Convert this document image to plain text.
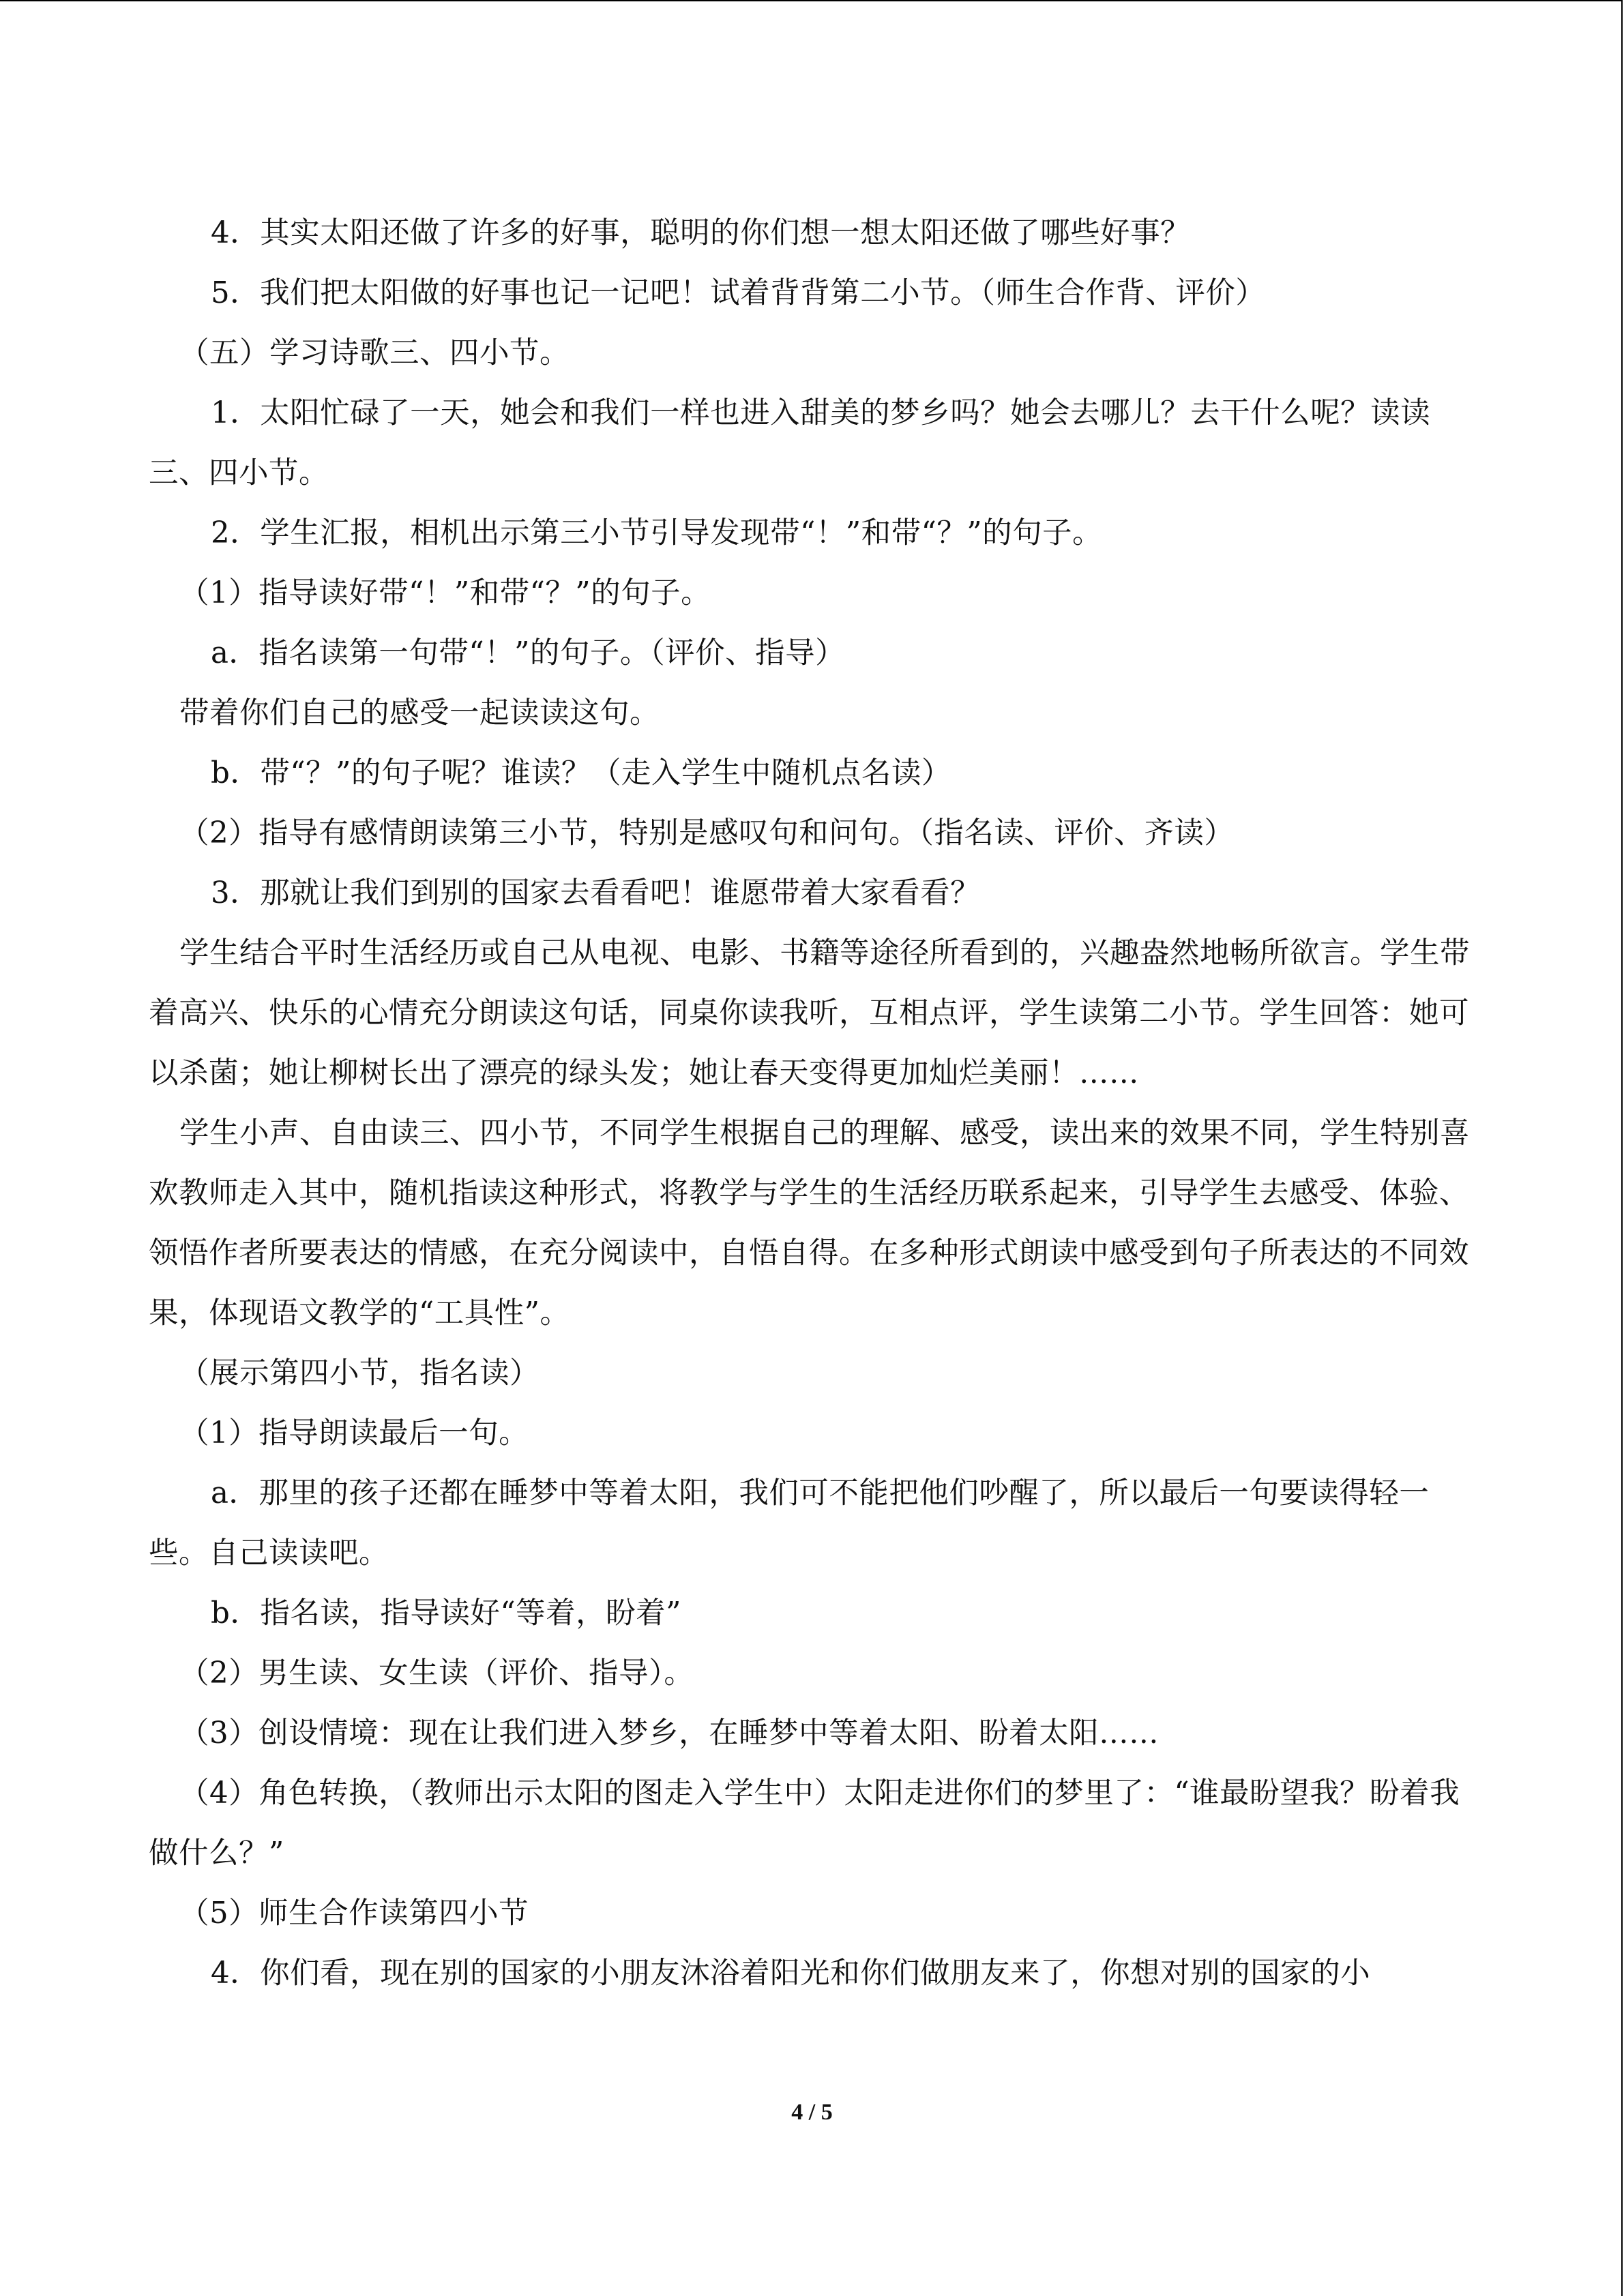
4．其实太阳还做了许多的好事，聪明的你们想一想太阳还做了哪些好事？

5．我们把太阳做的好事也记一记吧！试着背背第二小节。（师生合作背、评价）

（五）学习诗歌三、四小节。

1．太阳忙碌了一天，她会和我们一样也进入甜美的梦乡吗？她会去哪儿？去干什么呢？读读三、四小节。

2．学生汇报，相机出示第三小节引导发现带“！”和带“？”的句子。

（1）指导读好带“！”和带“？”的句子。

a．指名读第一句带“！”的句子。（评价、指导）

带着你们自己的感受一起读读这句。

b．带“？”的句子呢？谁读？（走入学生中随机点名读）

（2）指导有感情朗读第三小节，特别是感叹句和问句。（指名读、评价、齐读）

3．那就让我们到别的国家去看看吧！谁愿带着大家看看？

学生结合平时生活经历或自己从电视、电影、书籍等途径所看到的，兴趣盎然地畅所欲言。学生带着高兴、快乐的心情充分朗读这句话，同桌你读我听，互相点评，学生读第二小节。学生回答：她可以杀菌；她让柳树长出了漂亮的绿头发；她让春天变得更加灿烂美丽！……

学生小声、自由读三、四小节，不同学生根据自己的理解、感受，读出来的效果不同，学生特别喜欢教师走入其中，随机指读这种形式，将教学与学生的生活经历联系起来，引导学生去感受、体验、领悟作者所要表达的情感，在充分阅读中，自悟自得。在多种形式朗读中感受到句子所表达的不同效果，体现语文教学的“工具性”。

（展示第四小节，指名读）

（1）指导朗读最后一句。

a．那里的孩子还都在睡梦中等着太阳，我们可不能把他们吵醒了，所以最后一句要读得轻一些。自己读读吧。

b．指名读，指导读好“等着，盼着”

（2）男生读、女生读（评价、指导）。

（3）创设情境：现在让我们进入梦乡，在睡梦中等着太阳、盼着太阳……

（4）角色转换，（教师出示太阳的图走入学生中）太阳走进你们的梦里了：“谁最盼望我？盼着我做什么？”

（5）师生合作读第四小节

4．你们看，现在别的国家的小朋友沐浴着阳光和你们做朋友来了，你想对别的国家的小

4 / 5
